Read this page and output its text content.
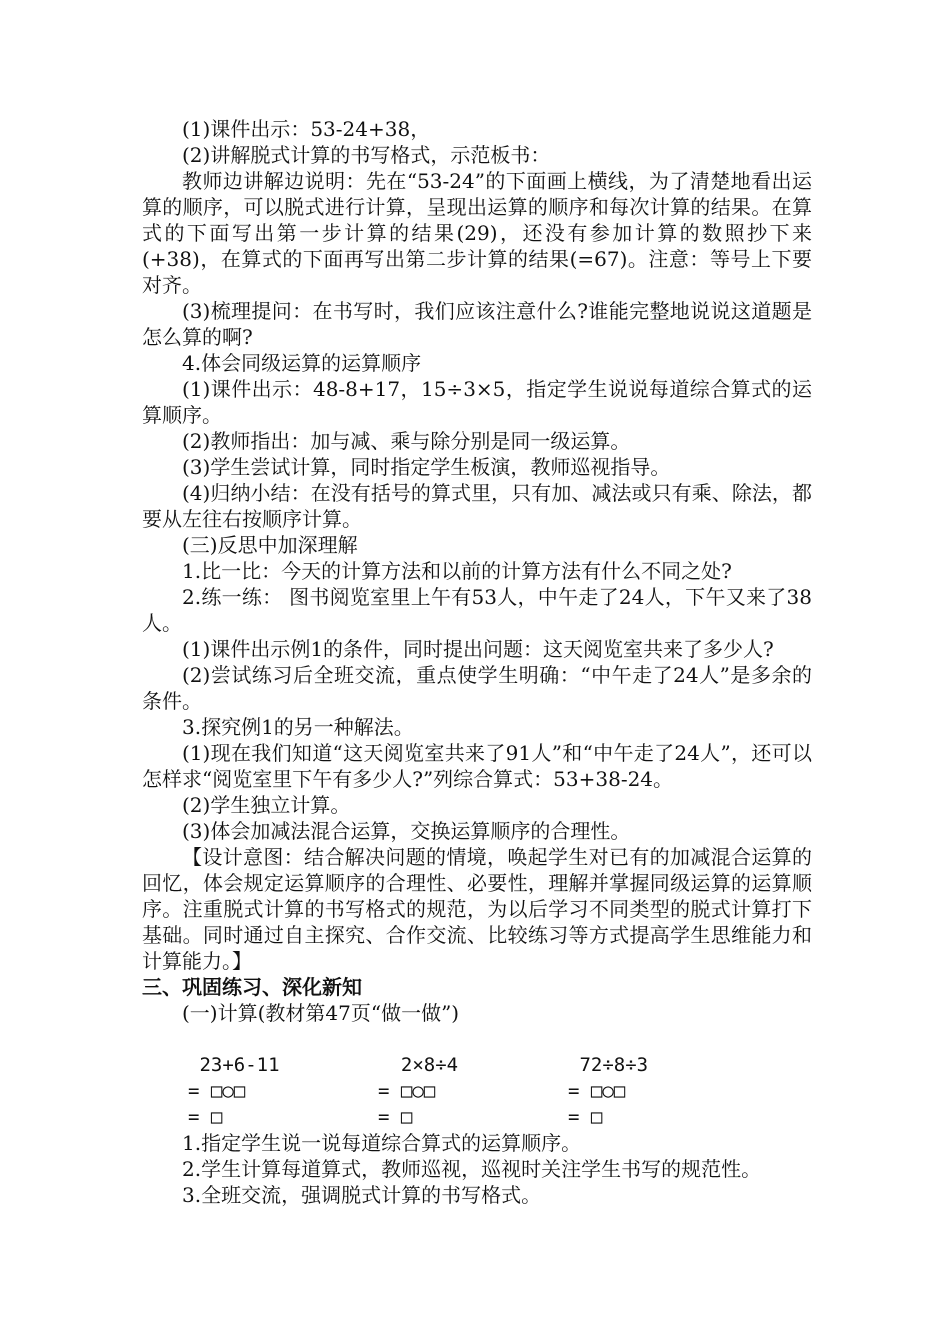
(1)课件出示：53-24+38，

(2)讲解脱式计算的书写格式，示范板书：

教师边讲解边说明：先在“53-24”的下面画上横线，为了清楚地看出运算的顺序，可以脱式进行计算，呈现出运算的顺序和每次计算的结果。在算式的下面写出第一步计算的结果(29)，还没有参加计算的数照抄下来(+38)，在算式的下面再写出第二步计算的结果(=67)。注意：等号上下要对齐。

(3)梳理提问：在书写时，我们应该注意什么?谁能完整地说说这道题是怎么算的啊?

4.体会同级运算的运算顺序

(1)课件出示：48-8+17，15÷3×5，指定学生说说每道综合算式的运算顺序。

(2)教师指出：加与减、乘与除分别是同一级运算。

(3)学生尝试计算，同时指定学生板演，教师巡视指导。

(4)归纳小结：在没有括号的算式里，只有加、减法或只有乘、除法，都要从左往右按顺序计算。

(三)反思中加深理解

1.比一比：今天的计算方法和以前的计算方法有什么不同之处?

2.练一练： 图书阅览室里上午有53人，中午走了24人，下午又来了38人。

(1)课件出示例1的条件，同时提出问题：这天阅览室共来了多少人?

(2)尝试练习后全班交流，重点使学生明确：“中午走了24人”是多余的条件。

3.探究例1的另一种解法。

(1)现在我们知道“这天阅览室共来了91人”和“中午走了24人”，还可以怎样求“阅览室里下午有多少人?”列综合算式：53+38-24。

(2)学生独立计算。

(3)体会加减法混合运算，交换运算顺序的合理性。

【设计意图：结合解决问题的情境，唤起学生对已有的加减混合运算的回忆，体会规定运算顺序的合理性、必要性，理解并掌握同级运算的运算顺序。注重脱式计算的书写格式的规范，为以后学习不同类型的脱式计算打下基础。同时通过自主探究、合作交流、比较练习等方式提高学生思维能力和计算能力。】

三、巩固练习、深化新知

(一)计算(教材第47页“做一做”)

23+6-11
= □○□
= □
2×8÷4
= □○□
= □
72÷8÷3
= □○□
= □

1.指定学生说一说每道综合算式的运算顺序。

2.学生计算每道算式，教师巡视，巡视时关注学生书写的规范性。

3.全班交流，强调脱式计算的书写格式。
